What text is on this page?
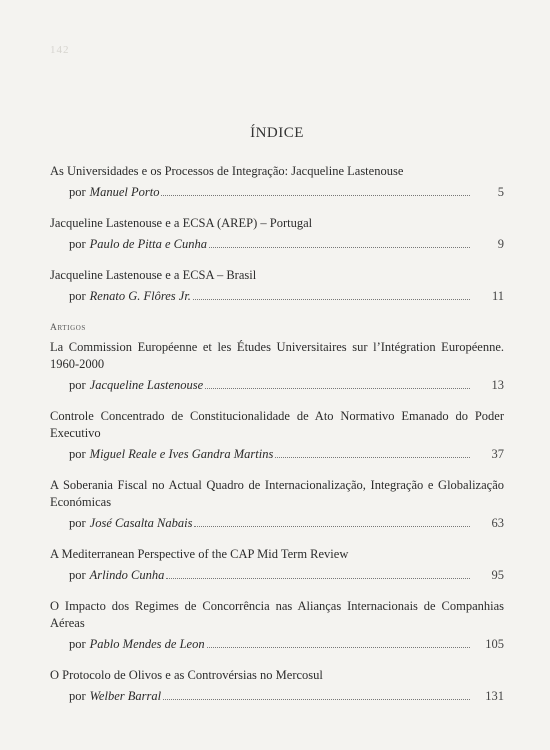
142
ÍNDICE

As Universidades e os Processos de Integração: Jacqueline Lastenouse

por Manuel Porto	5

Jacqueline Lastenouse e a ECSA (AREP) – Portugal

por Paulo de Pitta e Cunha	9

Jacqueline Lastenouse e a ECSA – Brasil

por Renato G. Flôres Jr.	11
Artigos

La Commission Européenne et les Études Universitaires sur l’Intégration Européenne. 1960-2000

por Jacqueline Lastenouse	13

Controle Concentrado de Constitucionalidade de Ato Normativo Emanado do Poder Executivo

por Miguel Reale e Ives Gandra Martins	37

A Soberania Fiscal no Actual Quadro de Internacionalização, Integração e Globalização Económicas

por José Casalta Nabais	63

A Mediterranean Perspective of the CAP Mid Term Review

por Arlindo Cunha	95

O Impacto dos Regimes de Concorrência nas Alianças Internacionais de Companhias Aéreas

por Pablo Mendes de Leon	105

O Protocolo de Olivos e as Controvérsias no Mercosul

por Welber Barral	131
